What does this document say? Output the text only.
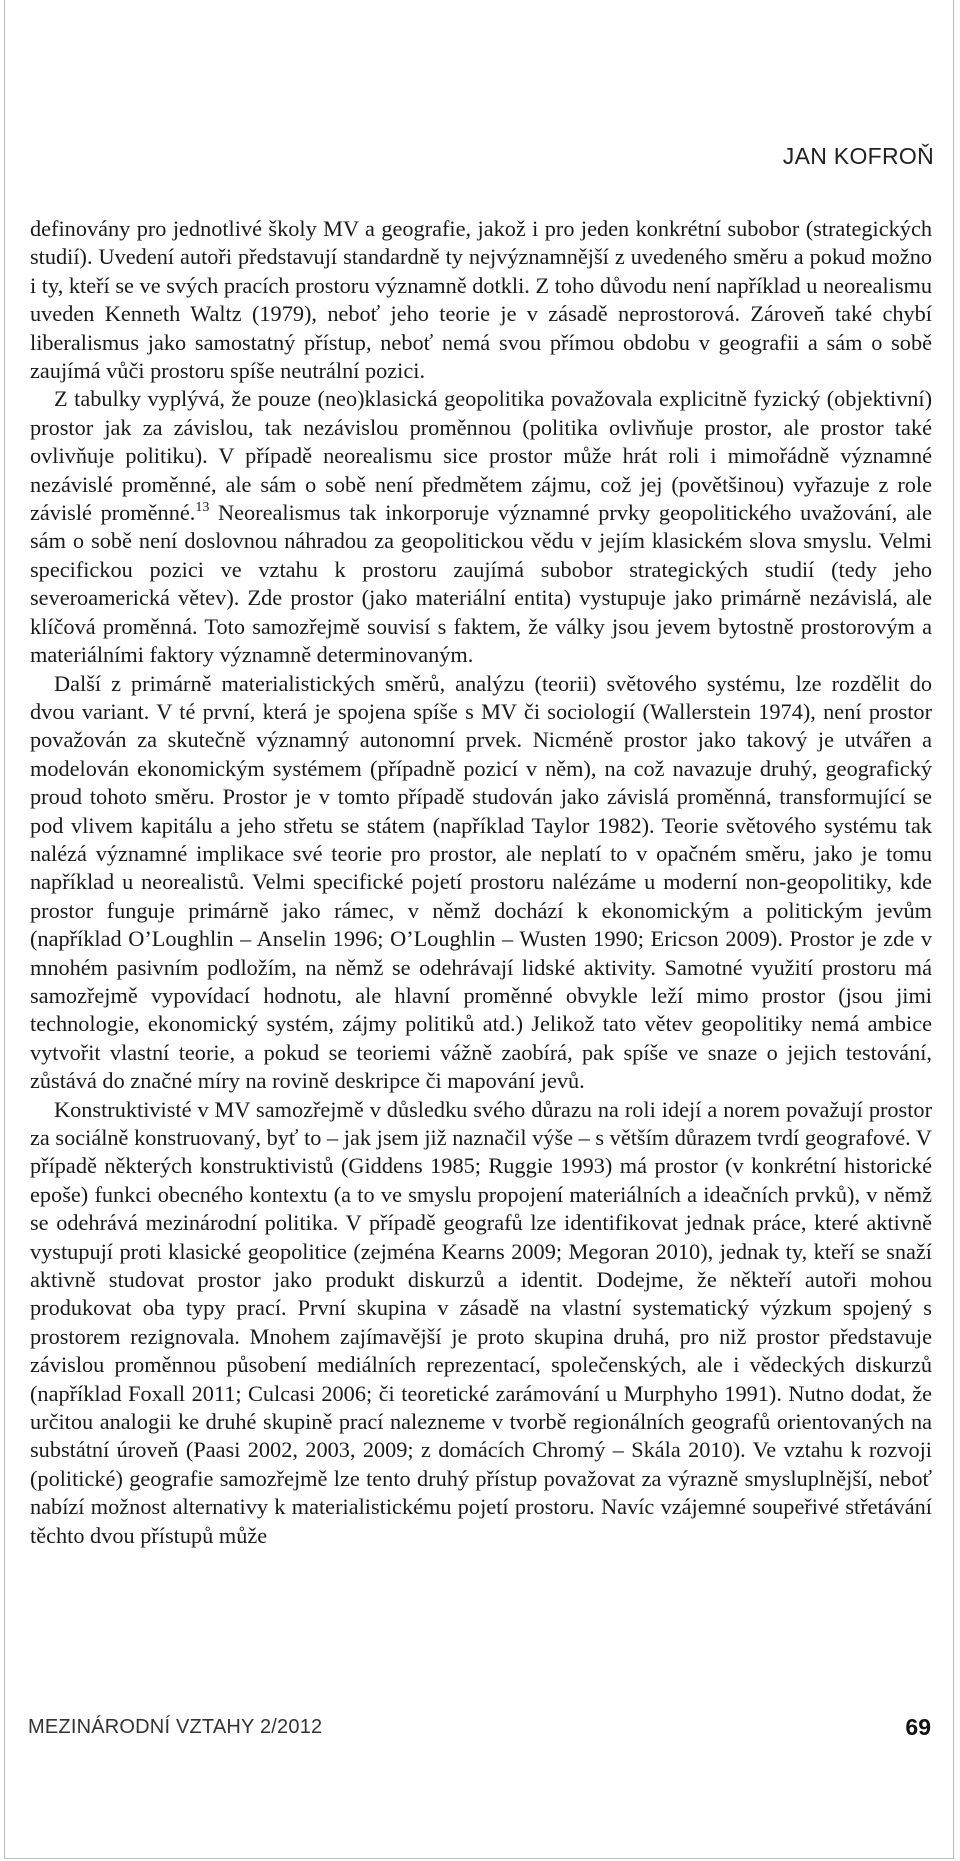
JAN KOFROŇ

definovány pro jednotlivé školy MV a geografie, jakož i pro jeden konkrétní subobor (strategických studií). Uvedení autoři představují standardně ty nejvýznamnější z uvedeného směru a pokud možno i ty, kteří se ve svých pracích prostoru významně dotkli. Z toho důvodu není například u neorealismu uveden Kenneth Waltz (1979), neboť jeho teorie je v zásadě neprostorová. Zároveň také chybí liberalismus jako samostatný přístup, neboť nemá svou přímou obdobu v geografii a sám o sobě zaujímá vůči prostoru spíše neutrální pozici.

Z tabulky vyplývá, že pouze (neo)klasická geopolitika považovala explicitně fyzický (objektivní) prostor jak za závislou, tak nezávislou proměnnou (politika ovlivňuje prostor, ale prostor také ovlivňuje politiku). V případě neorealismu sice prostor může hrát roli i mimořádně významné nezávislé proměnné, ale sám o sobě není předmětem zájmu, což jej (povětšinou) vyřazuje z role závislé proměnné.$^{13}$ Neorealismus tak inkorporuje významné prvky geopolitického uvažování, ale sám o sobě není doslovnou náhradou za geopolitickou vědu v jejím klasickém slova smyslu. Velmi specifickou pozici ve vztahu k prostoru zaujímá subobor strategických studií (tedy jeho severoamerická větev). Zde prostor (jako materiální entita) vystupuje jako primárně nezávislá, ale klíčová proměnná. Toto samozřejmě souvisí s faktem, že války jsou jevem bytostně prostorovým a materiálními faktory významně determinovaným.

Další z primárně materialistických směrů, analýzu (teorii) světového systému, lze rozdělit do dvou variant. V té první, která je spojena spíše s MV či sociologií (Wallerstein 1974), není prostor považován za skutečně významný autonomní prvek. Nicméně prostor jako takový je utvářen a modelován ekonomickým systémem (případně pozicí v něm), na což navazuje druhý, geografický proud tohoto směru. Prostor je v tomto případě studován jako závislá proměnná, transformující se pod vlivem kapitálu a jeho střetu se státem (například Taylor 1982). Teorie světového systému tak nalézá významné implikace své teorie pro prostor, ale neplatí to v opačném směru, jako je tomu například u neorealistů. Velmi specifické pojetí prostoru nalézáme u moderní non-geopolitiky, kde prostor funguje primárně jako rámec, v němž dochází k ekonomickým a politickým jevům (například O’Loughlin – Anselin 1996; O’Loughlin – Wusten 1990; Ericson 2009). Prostor je zde v mnohém pasivním podložím, na němž se odehrávají lidské aktivity. Samotné využití prostoru má samozřejmě vypovídací hodnotu, ale hlavní proměnné obvykle leží mimo prostor (jsou jimi technologie, ekonomický systém, zájmy politiků atd.) Jelikož tato větev geopolitiky nemá ambice vytvořit vlastní teorie, a pokud se teoriemi vážně zaobírá, pak spíše ve snaze o jejich testování, zůstává do značné míry na rovině deskripce či mapování jevů.

Konstruktivisté v MV samozřejmě v důsledku svého důrazu na roli idejí a norem považují prostor za sociálně konstruovaný, byť to – jak jsem již naznačil výše – s větším důrazem tvrdí geografové. V případě některých konstruktivistů (Giddens 1985; Ruggie 1993) má prostor (v konkrétní historické epoše) funkci obecného kontextu (a to ve smyslu propojení materiálních a ideačních prvků), v němž se odehrává mezinárodní politika. V případě geografů lze identifikovat jednak práce, které aktivně vystupují proti klasické geopolitice (zejména Kearns 2009; Megoran 2010), jednak ty, kteří se snaží aktivně studovat prostor jako produkt diskurzů a identit. Dodejme, že někteří autoři mohou produkovat oba typy prací. První skupina v zásadě na vlastní systematický výzkum spojený s prostorem rezignovala. Mnohem zajímavější je proto skupina druhá, pro niž prostor představuje závislou proměnnou působení mediálních reprezentací, společenských, ale i vědeckých diskurzů (například Foxall 2011; Culcasi 2006; či teoretické zarámování u Murphyho 1991). Nutno dodat, že určitou analogii ke druhé skupině prací nalezneme v tvorbě regionálních geografů orientovaných na substátní úroveň (Paasi 2002, 2003, 2009; z domácích Chromý – Skála 2010). Ve vztahu k rozvoji (politické) geografie samozřejmě lze tento druhý přístup považovat za výrazně smysluplnější, neboť nabízí možnost alternativy k materialistickému pojetí prostoru. Navíc vzájemné soupeřivé střetávání těchto dvou přístupů může

MEZINÁRODNÍ VZTAHY 2/2012	69
